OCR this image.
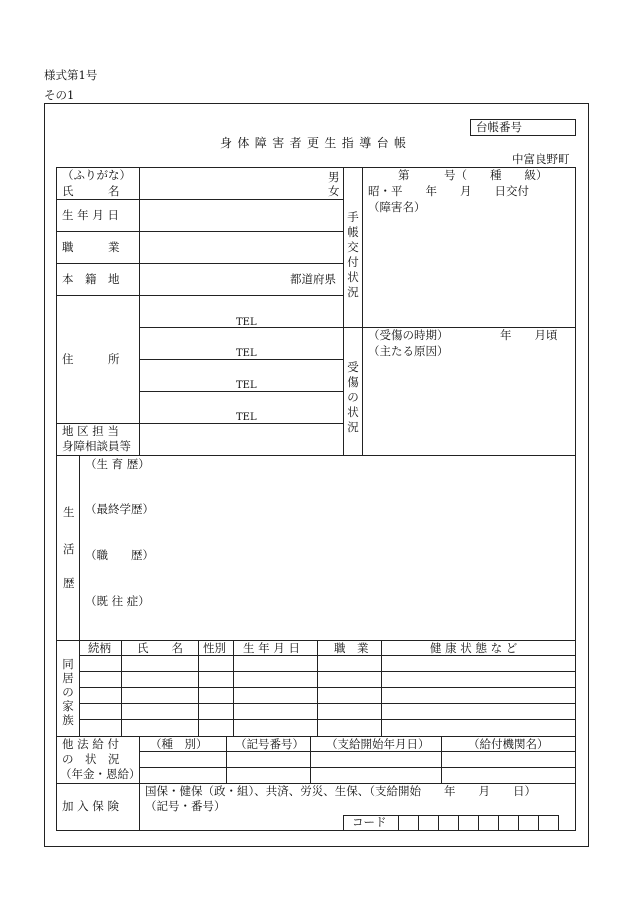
様式第1号
その1
台帳番号
身体障害者更生指導台帳
中富良野町
（ふりがな）
氏　　　名
男
女
生 年 月 日
職　　　業
本　籍　地	都道府県
住　　　所
TEL
TEL
TEL
TEL
地 区 担 当
身障相談員等
手帳交付状況
第　　　号（　　種　　級）
昭・平　　年　　月　　日交付
（障害名）
受傷の状況
（受傷の時期）	年　　月頃
（主たる原因）
生
活
歴
（生 育 歴）
（最終学歴）
（職　　歴）
（既 往 症）
同居の家族
続柄 氏　　名 性別 生 年 月 日	職　業	健 康 状 態 な ど
他 法 給 付
の　状　況
（年金・恩給）
（種　別） （記号番号） （支給開始年月日）	（給付機関名）
加 入 保 険
国保・健保（政・組）、共済、労災、生保、（支給開始　　年　　月　　日）
（記号・番号）
コード
